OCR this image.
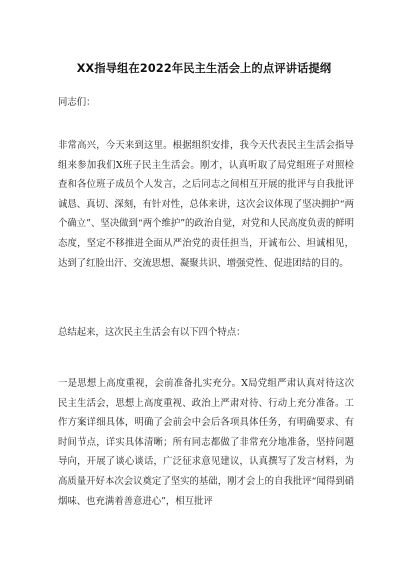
XX指导组在2022年民主生活会上的点评讲话提纲

同志们：

非常高兴，今天来到这里。根据组织安排，我今天代表民主生活会指导组来参加我们X班子民主生活会。刚才，认真听取了局党组班子对照检查和各位班子成员个人发言，之后同志之间相互开展的批评与自我批评诚恳、真切、深刻，有针对性，总体来讲，这次会议体现了坚决拥护“两个确立”、坚决做到“两个维护”的政治自觉，对党和人民高度负责的鲜明态度，坚定不移推进全面从严治党的责任担当，开诚布公、坦诚相见，达到了红脸出汗、交流思想、凝聚共识、增强党性、促进团结的目的。

总结起来，这次民主生活会有以下四个特点：

一是思想上高度重视，会前准备扎实充分。X局党组严肃认真对待这次民主生活会，思想上高度重视、政治上严肃对待、行动上充分准备。工作方案详细具体，明确了会前会中会后各项具体任务，有明确要求、有时间节点，详实具体清晰；所有同志都做了非常充分地准备，坚持问题导向，开展了谈心谈话，广泛征求意见建议，认真撰写了发言材料，为高质量开好本次会议奠定了坚实的基础，刚才会上的自我批评“闻得到硝烟味、也充满着善意进心”，相互批评
